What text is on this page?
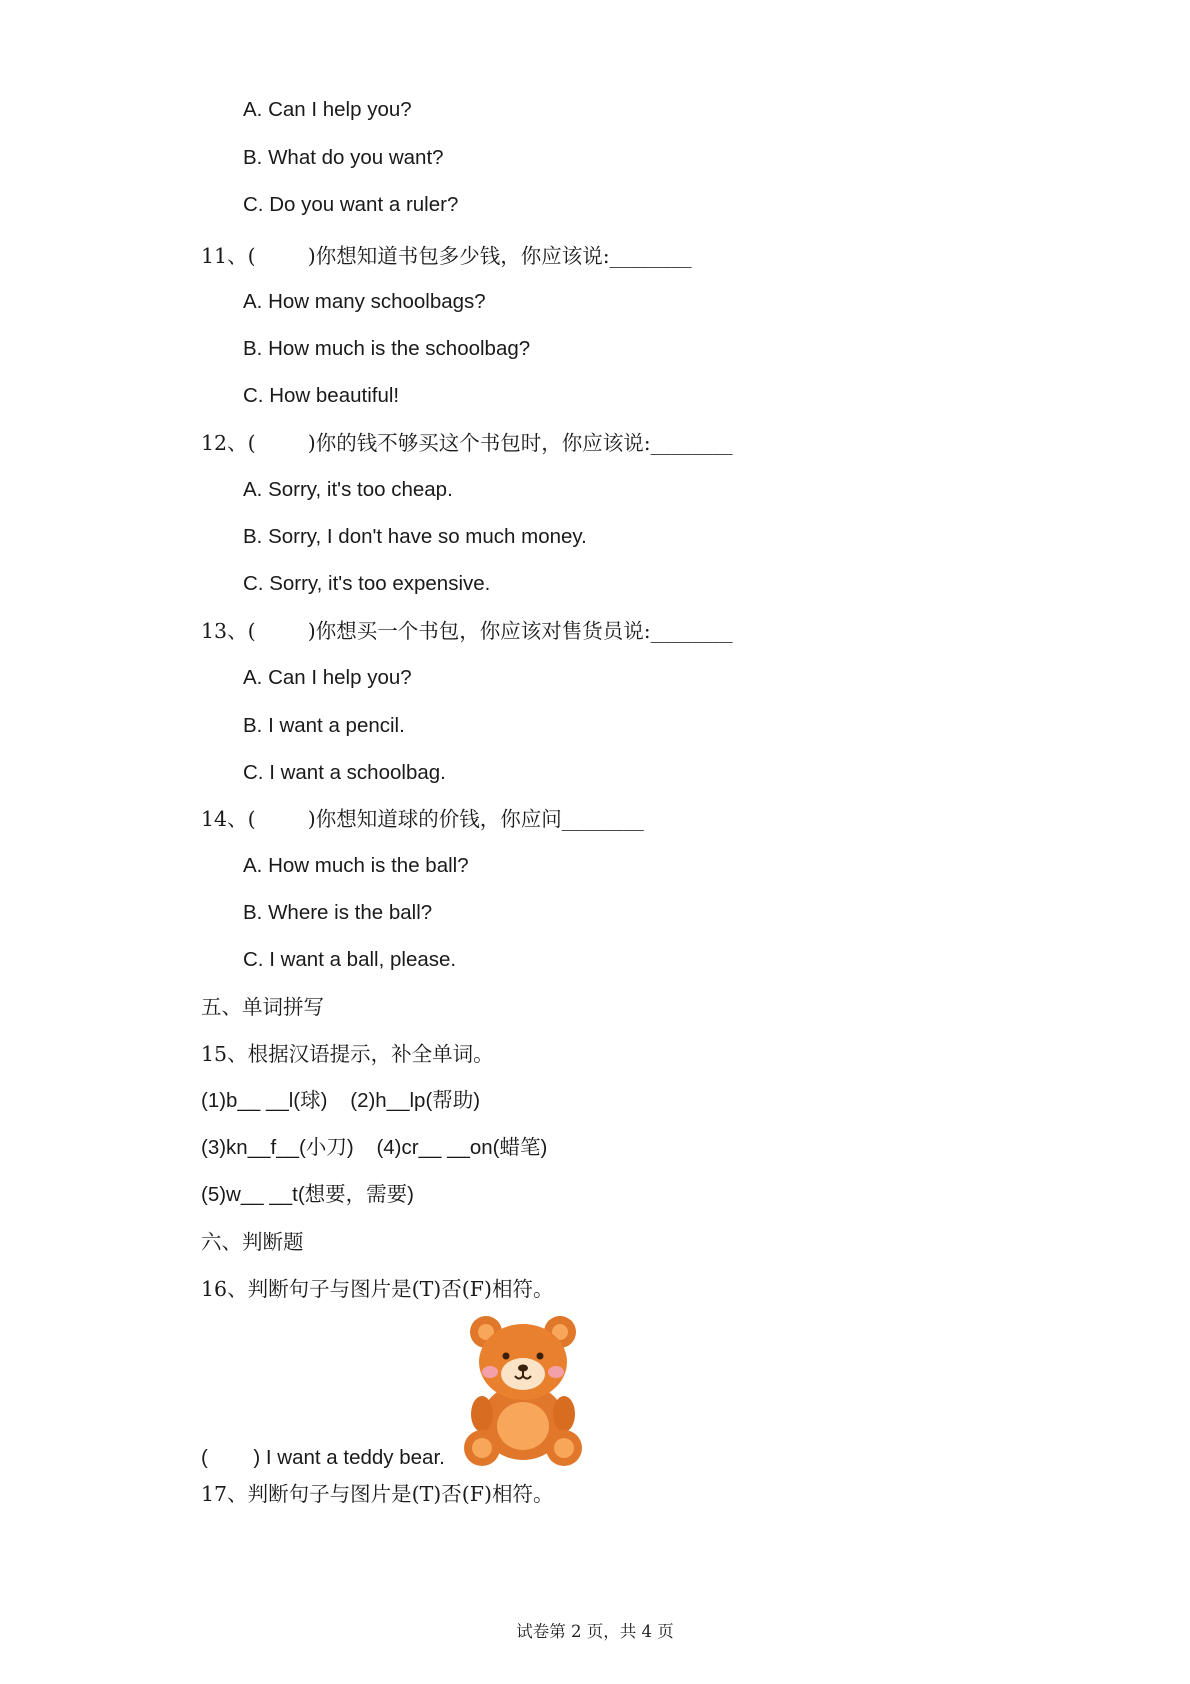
A. Can I help you?
B. What do you want?
C. Do you want a ruler?
11、(        )你想知道书包多少钱，你应该说:________
A. How many schoolbags?
B. How much is the schoolbag?
C. How beautiful!
12、(        )你的钱不够买这个书包时，你应该说:________
A. Sorry, it's too cheap.
B. Sorry, I don't have so much money.
C. Sorry, it's too expensive.
13、(        )你想买一个书包，你应该对售货员说:________
A. Can I help you?
B. I want a pencil.
C. I want a schoolbag.
14、(        )你想知道球的价钱，你应问________
A. How much is the ball?
B. Where is the ball?
C. I want a ball, please.
五、单词拼写
15、根据汉语提示，补全单词。
(1)b__ __l(球)    (2)h__lp(帮助)
(3)kn__f__(小刀)    (4)cr__ __on(蜡笔)
(5)w__ __t(想要，需要)
六、判断题
16、判断句子与图片是(T)否(F)相符。
(        ) I want a teddy bear.
17、判断句子与图片是(T)否(F)相符。
试卷第 2 页，共 4 页
